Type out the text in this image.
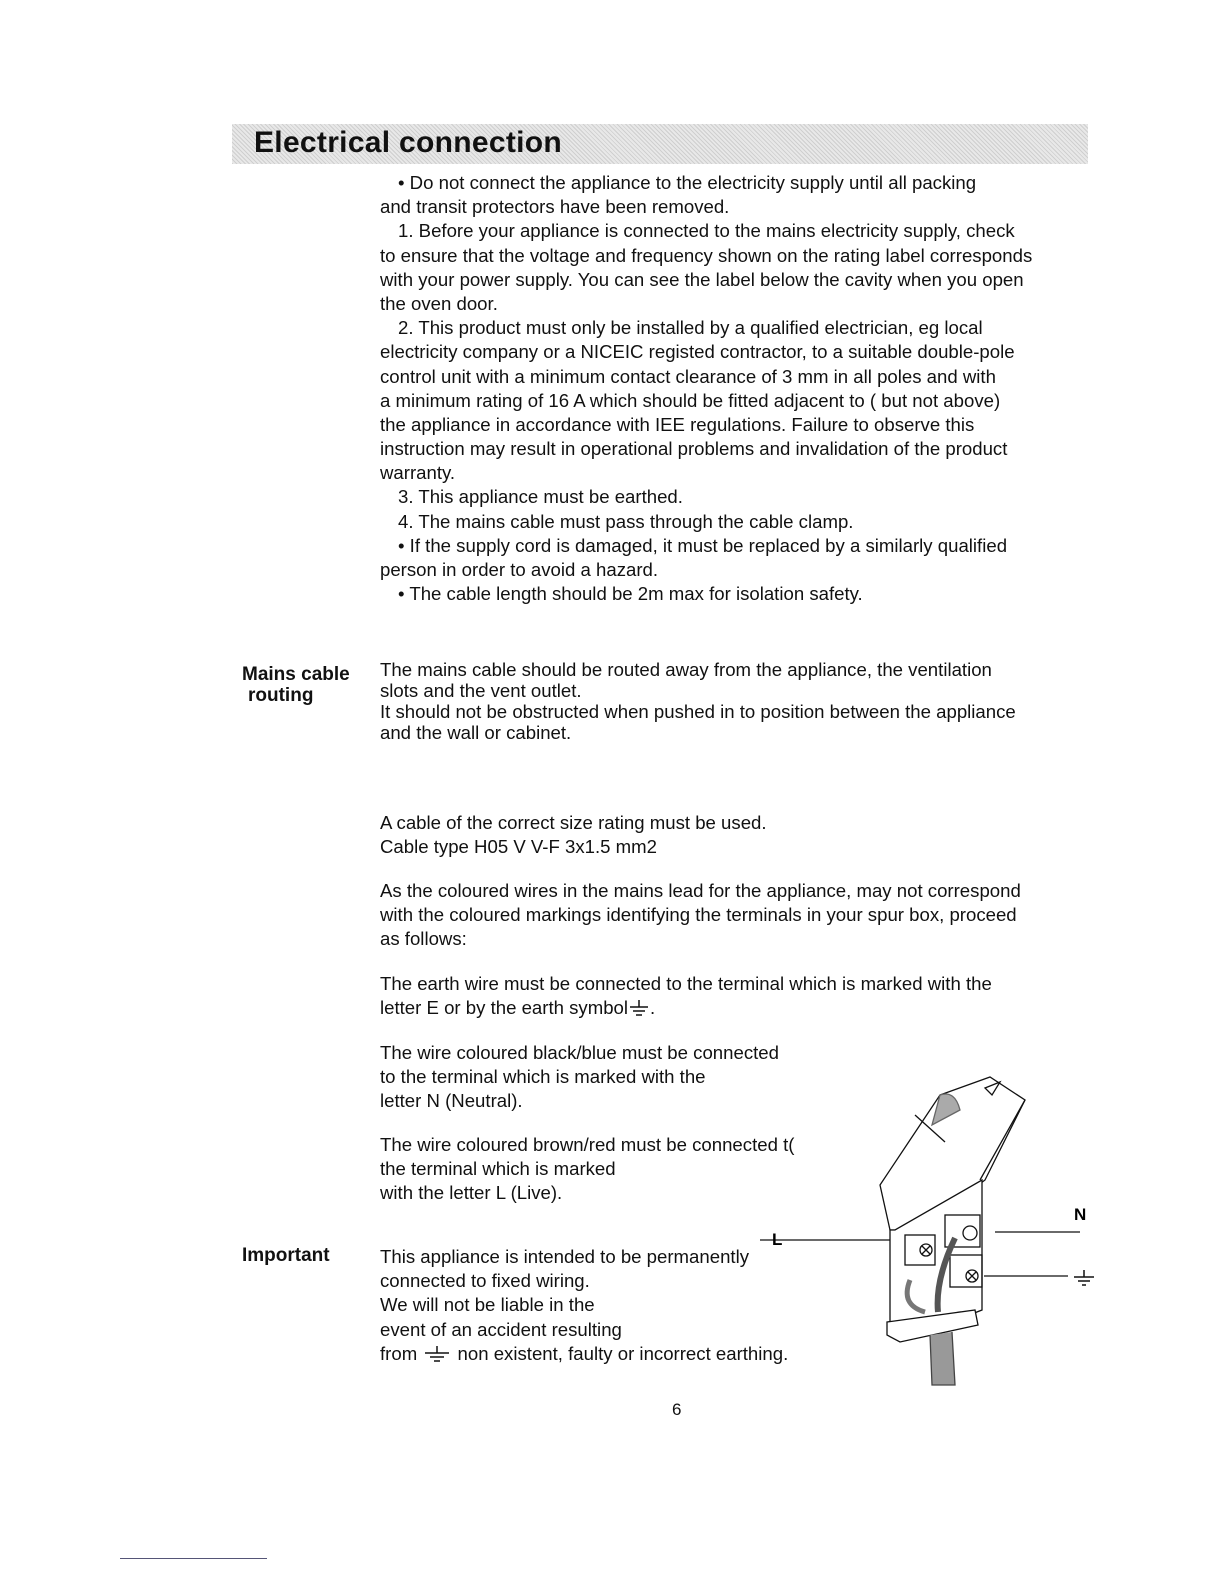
Electrical connection
• Do not connect the appliance to the electricity supply until all packing
and transit protectors have been removed.
1. Before your appliance is connected to the mains electricity supply, check
to ensure that the voltage and frequency shown on the rating label corresponds
with your power supply. You can see the label below the cavity when you open
the oven door.
2. This product must only be installed by a qualified electrician, eg local
electricity company or a NICEIC registed contractor, to a suitable double-pole
control unit with a minimum contact clearance of 3 mm in all poles and with
a minimum rating of 16 A which should be fitted adjacent to ( but not above)
the appliance in accordance with IEE regulations. Failure to observe this
instruction may result in operational problems and invalidation of the product
warranty.
3. This appliance must be earthed.
4. The mains cable must pass through the cable clamp.
• If the supply cord is damaged, it must be replaced by a similarly qualified
person in order to avoid a hazard.
• The cable length should be 2m max for isolation safety.
Mains cable
routing
The mains cable should be routed away from the appliance, the ventilation
slots and the vent outlet.
It should not be obstructed when pushed in to position between the appliance
and the wall or cabinet.
A cable of the correct size rating must be used.
Cable type H05 V V-F 3x1.5 mm2
As the coloured wires in the mains lead for the appliance, may not correspond
with the coloured markings identifying the terminals in your spur box, proceed
as follows:
The earth wire must be connected to the terminal which is marked with the
letter E or by the earth symbol .
The wire coloured black/blue must be connected
to the terminal which is marked with the
letter N (Neutral).
The wire coloured brown/red must be connected t(
the terminal which is marked
with the letter L (Live).
Important	This appliance is intended to be permanently
connected to fixed wiring.
We will not be liable in the
event of an accident resulting
from  non existent, faulty or incorrect earthing.
L
N
6
